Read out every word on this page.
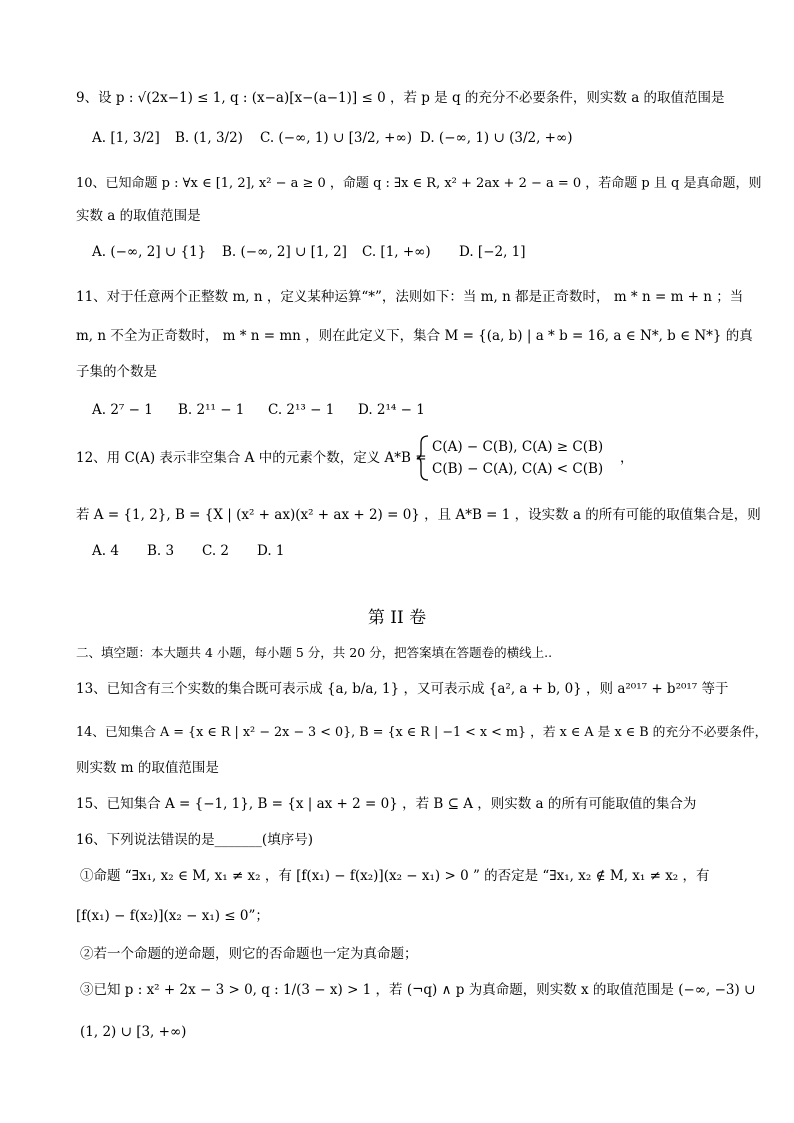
9、设 p : √(2x−1) ≤ 1, q : (x−a)[x−(a−1)] ≤ 0 ，若 p 是 q 的充分不必要条件，则实数 a 的取值范围是
A. [1, 3/2] B. (1, 3/2) C. (−∞, 1) ∪ [3/2, +∞) D. (−∞, 1) ∪ (3/2, +∞)
10、已知命题 p : ∀x ∈ [1, 2], x² − a ≥ 0 ，命题 q : ∃x ∈ R, x² + 2ax + 2 − a = 0 ，若命题 p 且 q 是真命题，则
实数 a 的取值范围是
A. (−∞, 2] ∪ {1} B. (−∞, 2] ∪ [1, 2] C. [1, +∞) D. [−2, 1]
11、对于任意两个正整数 m, n ，定义某种运算“*”，法则如下：当 m, n 都是正奇数时， m * n = m + n ；当
m, n 不全为正奇数时， m * n = mn ，则在此定义下，集合 M = {(a, b) | a * b = 16, a ∈ N*, b ∈ N*} 的真
子集的个数是
A. 2⁷ − 1 B. 2¹¹ − 1 C. 2¹³ − 1 D. 2¹⁴ − 1
12、用 C(A) 表示非空集合 A 中的元素个数，定义 A*B =
C(A) − C(B), C(A) ≥ C(B)
C(B) − C(A), C(A) < C(B)
，
若 A = {1, 2}, B = {X | (x² + ax)(x² + ax + 2) = 0} ，且 A*B = 1 ，设实数 a 的所有可能的取值集合是，则
A. 4 B. 3 C. 2 D. 1
第 II 卷
二、填空题：本大题共 4 小题，每小题 5 分，共 20 分，把答案填在答题卷的横线上..
13、已知含有三个实数的集合既可表示成 {a, b/a, 1} ，又可表示成 {a², a + b, 0} ，则 a²⁰¹⁷ + b²⁰¹⁷ 等于
14、已知集合 A = {x ∈ R | x² − 2x − 3 < 0}, B = {x ∈ R | −1 < x < m} ，若 x ∈ A 是 x ∈ B 的充分不必要条件，
则实数 m 的取值范围是
15、已知集合 A = {−1, 1}, B = {x | ax + 2 = 0} ，若 B ⊆ A ，则实数 a 的所有可能取值的集合为
16、下列说法错误的是_______(填序号)
①命题 “∃x₁, x₂ ∈ M, x₁ ≠ x₂ ，有 [f(x₁) − f(x₂)](x₂ − x₁) > 0 ” 的否定是 “∃x₁, x₂ ∉ M, x₁ ≠ x₂ ，有
[f(x₁) − f(x₂)](x₂ − x₁) ≤ 0”；
②若一个命题的逆命题，则它的否命题也一定为真命题；
③已知 p : x² + 2x − 3 > 0, q : 1/(3 − x) > 1 ，若 (¬q) ∧ p 为真命题，则实数 x 的取值范围是 (−∞, −3) ∪
(1, 2) ∪ [3, +∞)
